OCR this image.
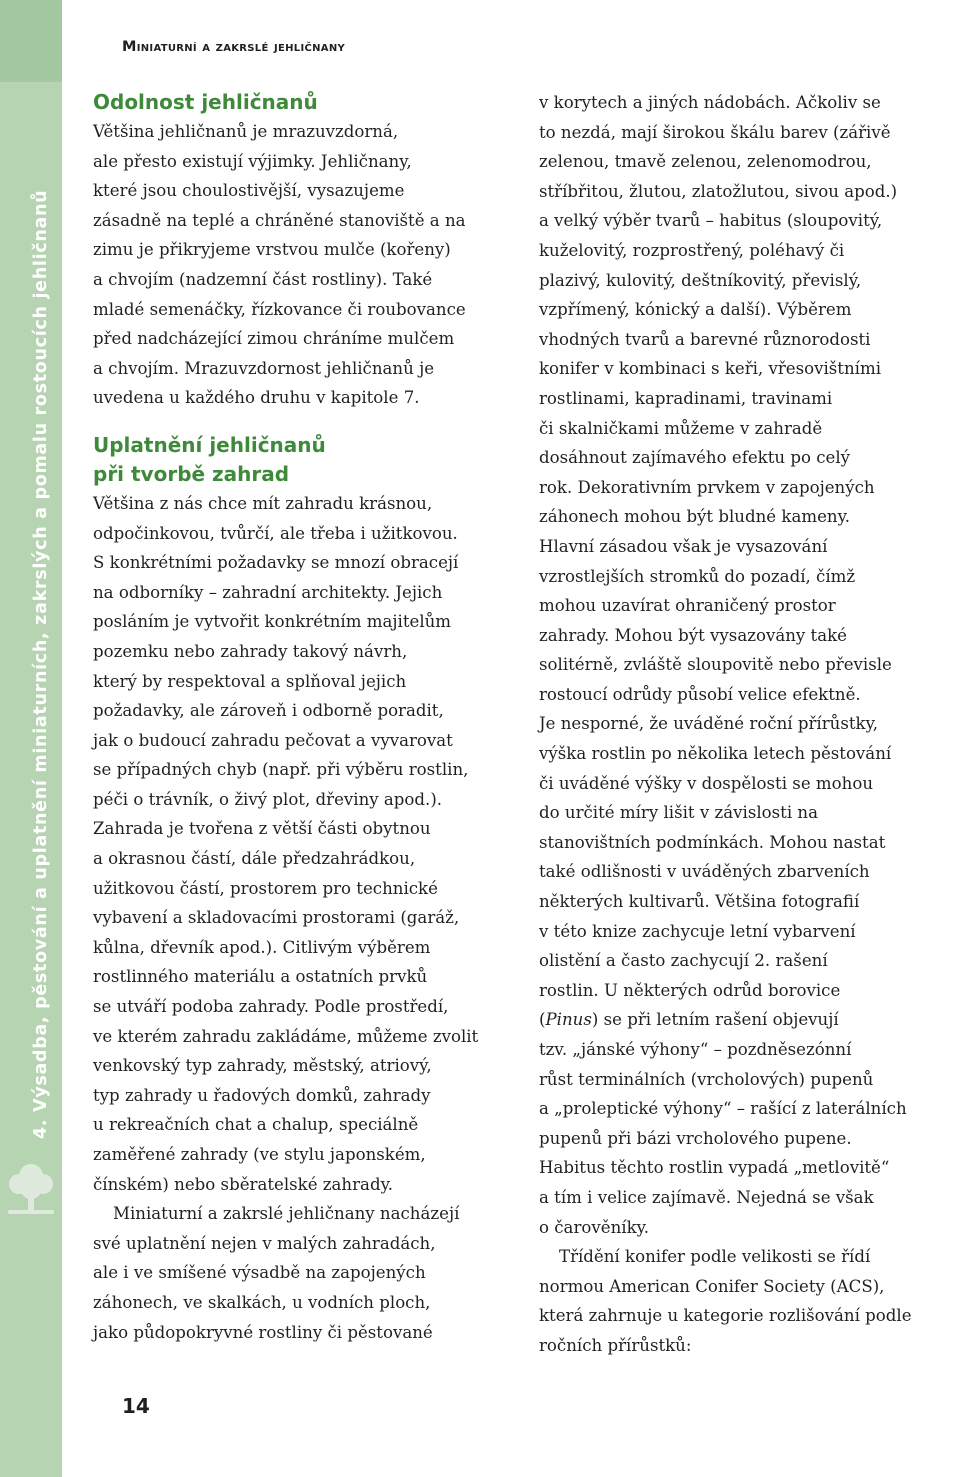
4. Výsadba, pěstování a uplatnění miniaturních, zakrslých a pomalu rostoucích jehličnanů
Miniaturní a zakrslé jehličnany
Odolnost jehličnanů
Většina jehličnanů je mrazuvzdorná,
ale přesto existují výjimky. Jehličnany,
které jsou choulostivější, vysazujeme
zásadně na teplé a chráněné stanoviště a na
zimu je přikryjeme vrstvou mulče (kořeny)
a chvojím (nadzemní část rostliny). Také
mladé semenáčky, řízkovance či roubovance
před nadcházející zimou chráníme mulčem
a chvojím. Mrazuvzdornost jehličnanů je
uvedena u každého druhu v kapitole 7.
Uplatnění jehličnanů
při tvorbě zahrad
Většina z nás chce mít zahradu krásnou,
odpočinkovou, tvůrčí, ale třeba i užitkovou.
S konkrétními požadavky se mnozí obracejí
na odborníky – zahradní architekty. Jejich
posláním je vytvořit konkrétním majitelům
pozemku nebo zahrady takový návrh,
který by respektoval a splňoval jejich
požadavky, ale zároveň i odborně poradit,
jak o budoucí zahradu pečovat a vyvarovat
se případných chyb (např. při výběru rostlin,
péči o trávník, o živý plot, dřeviny apod.).
Zahrada je tvořena z větší části obytnou
a okrasnou částí, dále předzahrádkou,
užitkovou částí, prostorem pro technické
vybavení a skladovacími prostorami (garáž,
kůlna, dřevník apod.). Citlivým výběrem
rostlinného materiálu a ostatních prvků
se utváří podoba zahrady. Podle prostředí,
ve kterém zahradu zakládáme, můžeme zvolit
venkovský typ zahrady, městský, atriový,
typ zahrady u řadových domků, zahrady
u rekreačních chat a chalup, speciálně
zaměřené zahrady (ve stylu japonském,
čínském) nebo sběratelské zahrady.
Miniaturní a zakrslé jehličnany nacházejí
své uplatnění nejen v malých zahradách,
ale i ve smíšené výsadbě na zapojených
záhonech, ve skalkách, u vodních ploch,
jako půdopokryvné rostliny či pěstované
v korytech a jiných nádobách. Ačkoliv se
to nezdá, mají širokou škálu barev (zářivě
zelenou, tmavě zelenou, zelenomodrou,
stříbřitou, žlutou, zlatožlutou, sivou apod.)
a velký výběr tvarů – habitus (sloupovitý,
kuželovitý, rozprostřený, poléhavý či
plazivý, kulovitý, deštníkovitý, převislý,
vzpřímený, kónický a další). Výběrem
vhodných tvarů a barevné různorodosti
konifer v kombinaci s keři, vřesovištními
rostlinami, kapradinami, travinami
či skalničkami můžeme v zahradě
dosáhnout zajímavého efektu po celý
rok. Dekorativním prvkem v zapojených
záhonech mohou být bludné kameny.
Hlavní zásadou však je vysazování
vzrostlejších stromků do pozadí, čímž
mohou uzavírat ohraničený prostor
zahrady. Mohou být vysazovány také
solitérně, zvláště sloupovitě nebo převisle
rostoucí odrůdy působí velice efektně.
Je nesporné, že uváděné roční přírůstky,
výška rostlin po několika letech pěstování
či uváděné výšky v dospělosti se mohou
do určité míry lišit v závislosti na
stanovištních podmínkách. Mohou nastat
také odlišnosti v uváděných zbarveních
některých kultivarů. Většina fotografií
v této knize zachycuje letní vybarvení
olistění a často zachycují 2. rašení
rostlin. U některých odrůd borovice
(Pinus) se při letním rašení objevují
tzv. „jánské výhony“ – pozdněsezónní
růst terminálních (vrcholových) pupenů
a „proleptické výhony“ – rašící z laterálních
pupenů při bázi vrcholového pupene.
Habitus těchto rostlin vypadá „metlovitě“
a tím i velice zajímavě. Nejedná se však
o čarověníky.
Třídění konifer podle velikosti se řídí
normou American Conifer Society (ACS),
která zahrnuje u kategorie rozlišování podle
ročních přírůstků:
14
